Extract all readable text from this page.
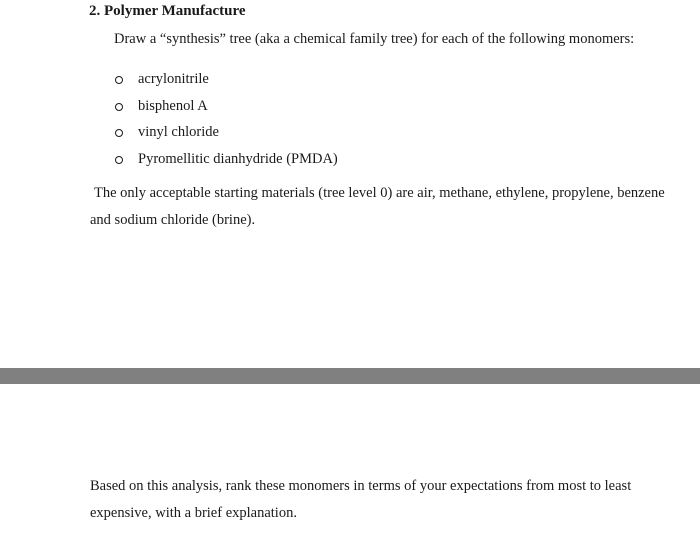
2. Polymer Manufacture

Draw a “synthesis” tree (aka a chemical family tree) for each of the following monomers:

acrylonitrile
bisphenol A
vinyl chloride
Pyromellitic dianhydride (PMDA)

The only acceptable starting materials (tree level 0) are air, methane, ethylene, propylene, benzene and sodium chloride (brine).

Based on this analysis, rank these monomers in terms of your expectations from most to least expensive, with a brief explanation.
